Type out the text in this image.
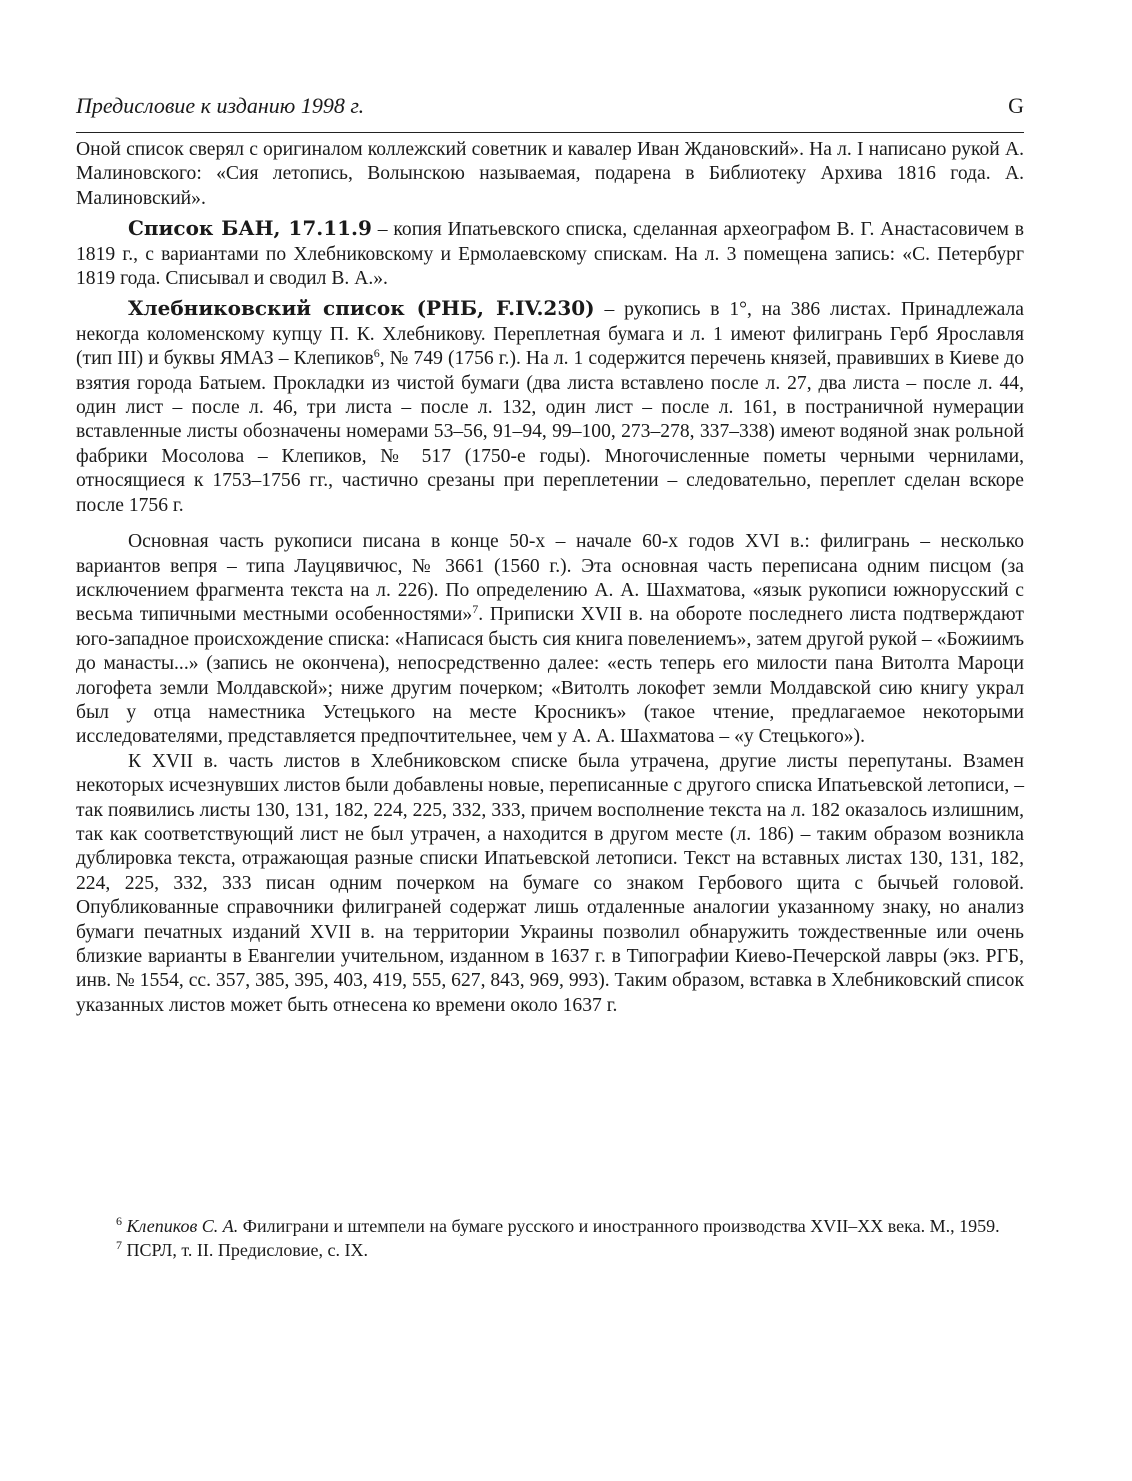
Предисловие к изданию 1998 г.	G

Оной список сверял с оригиналом коллежский советник и кавалер Иван Ждановский». На л. I написано рукой А. Малиновского: «Сия летопись, Волынскою называемая, подарена в Библиотеку Архива 1816 года. А. Малиновский».

Список БАН, 17.11.9 – копия Ипатьевского списка, сделанная археографом В. Г. Анастасовичем в 1819 г., с вариантами по Хлебниковскому и Ермолаевскому спискам. На л. 3 помещена запись: «С. Петербург 1819 года. Списывал и сводил В. А.».

Хлебниковский список (РНБ, F.IV.230) – рукопись в 1°, на 386 листах. Принадлежала некогда коломенскому купцу П. К. Хлебникову. Переплетная бумага и л. 1 имеют филигрань Герб Ярославля (тип III) и буквы ЯМАЗ – Клепиков$^6$, № 749 (1756 г.). На л. 1 содержится перечень князей, правивших в Киеве до взятия города Батыем. Прокладки из чистой бумаги (два листа вставлено после л. 27, два листа – после л. 44, один лист – после л. 46, три листа – после л. 132, один лист – после л. 161, в постраничной нумерации вставленные листы обозначены номерами 53–56, 91–94, 99–100, 273–278, 337–338) имеют водяной знак рольной фабрики Мосолова – Клепиков, № 517 (1750-е годы). Многочисленные пометы черными чернилами, относящиеся к 1753–1756 гг., частично срезаны при переплетении – следовательно, переплет сделан вскоре после 1756 г.

Основная часть рукописи писана в конце 50-х – начале 60-х годов XVI в.: филигрань – несколько вариантов вепря – типа Лауцявичюс, № 3661 (1560 г.). Эта основная часть переписана одним писцом (за исключением фрагмента текста на л. 226). По определению А. А. Шахматова, «язык рукописи южнорусский с весьма типичными местными особенностями»$^7$. Приписки XVII в. на обороте последнего листа подтверждают юго-западное происхождение списка: «Написася бысть сия книга повелениемъ», затем другой рукой – «Божиимъ до манасты...» (запись не окончена), непосредственно далее: «есть теперь его милости пана Витолта Мароци логофета земли Молдавской»; ниже другим почерком; «Витолть локофет земли Молдавской сию книгу украл был у отца наместника Устецького на месте Кросникъ» (такое чтение, предлагаемое некоторыми исследователями, представляется предпочтительнее, чем у А. А. Шахматова – «у Стецького»).

К XVII в. часть листов в Хлебниковском списке была утрачена, другие листы перепутаны. Взамен некоторых исчезнувших листов были добавлены новые, переписанные с другого списка Ипатьевской летописи, – так появились листы 130, 131, 182, 224, 225, 332, 333, причем восполнение текста на л. 182 оказалось излишним, так как соответствующий лист не был утрачен, а находится в другом месте (л. 186) – таким образом возникла дублировка текста, отражающая разные списки Ипатьевской летописи. Текст на вставных листах 130, 131, 182, 224, 225, 332, 333 писан одним почерком на бумаге со знаком Гербового щита с бычьей головой. Опубликованные справочники филиграней содержат лишь отдаленные аналогии указанному знаку, но анализ бумаги печатных изданий XVII в. на территории Украины позволил обнаружить тождественные или очень близкие варианты в Евангелии учительном, изданном в 1637 г. в Типографии Киево-Печерской лавры (экз. РГБ, инв. № 1554, сс. 357, 385, 395, 403, 419, 555, 627, 843, 969, 993). Таким образом, вставка в Хлебниковский список указанных листов может быть отнесена ко времени около 1637 г.

$^6$ Клепиков С. А. Филиграни и штемпели на бумаге русского и иностранного производства XVII–XX века. М., 1959.

$^7$ ПСРЛ, т. II. Предисловие, с. IX.
